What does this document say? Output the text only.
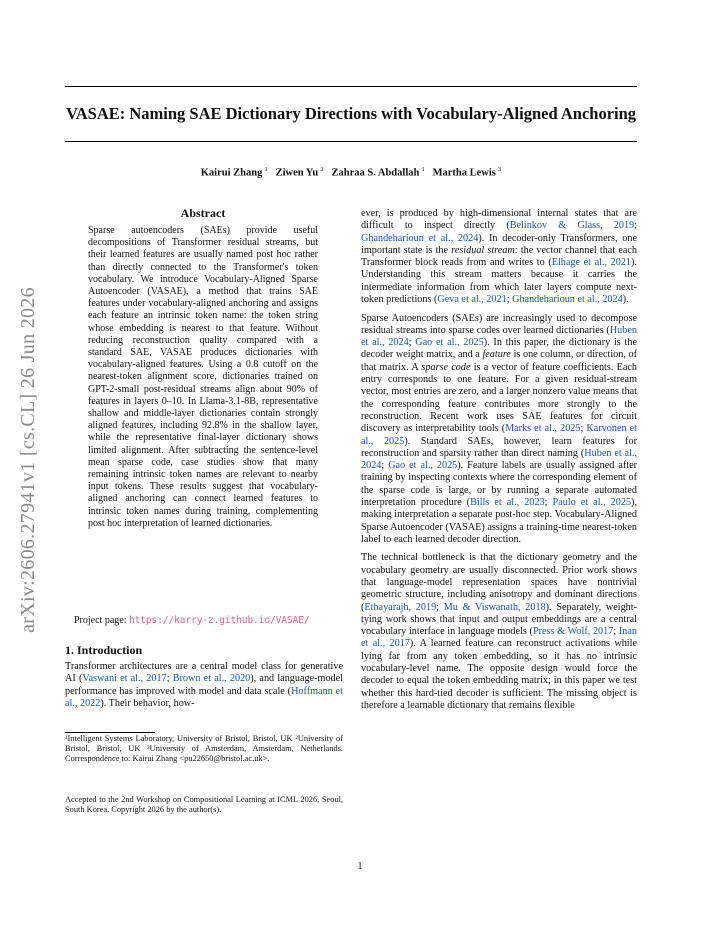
VASAE: Naming SAE Dictionary Directions with Vocabulary-Aligned Anchoring
Kairui Zhang  $^1$ Ziwen Yu  $^2$ Zahraa S. Abdallah  $^1$ Martha Lewis  $^3$
arXiv:2606.27941v1 [cs.CL] 26 Jun 2026
Abstract
Sparse autoencoders (SAEs) provide useful decompositions of Transformer residual streams, but their learned features are usually named post hoc rather than directly connected to the Transformer's token vocabulary. We introduce Vocabulary-Aligned Sparse Autoencoder (VASAE), a method that trains SAE features under vocabulary-aligned anchoring and assigns each feature an intrinsic token name: the token string whose embedding is nearest to that feature. Without reducing reconstruction quality compared with a standard SAE, VASAE produces dictionaries with vocabulary-aligned features. Using a 0.8 cutoff on the nearest-token alignment score, dictionaries trained on GPT-2-small post-residual streams align about 90% of features in layers 0–10. In Llama-3.1-8B, representative shallow and middle-layer dictionaries contain strongly aligned features, including 92.8% in the shallow layer, while the representative final-layer dictionary shows limited alignment. After subtracting the sentence-level mean sparse code, case studies show that many remaining intrinsic token names are relevant to nearby input tokens. These results suggest that vocabulary-aligned anchoring can connect learned features to intrinsic token names during training, complementing post hoc interpretation of learned dictionaries.
Project page: https://karry-z.github.io/VASAE/
1. Introduction
Transformer architectures are a central model class for generative AI (Vaswani et al., 2017; Brown et al., 2020), and language-model performance has improved with model and data scale (Hoffmann et al., 2022). Their behavior, how-
¹Intelligent Systems Laboratory, University of Bristol, Bristol, UK ²University of Bristol, Bristol, UK ³University of Amsterdam, Amsterdam, Netherlands. Correspondence to: Kairui Zhang <pu22650@bristol.ac.uk>.
Accepted to the 2nd Workshop on Compositional Learning at ICML 2026, Seoul, South Korea. Copyright 2026 by the author(s).

ever, is produced by high-dimensional internal states that are difficult to inspect directly (Belinkov & Glass, 2019; Ghandeharioun et al., 2024). In decoder-only Transformers, one important state is the residual stream: the vector channel that each Transformer block reads from and writes to (Elhage et al., 2021). Understanding this stream matters because it carries the intermediate information from which later layers compute next-token predictions (Geva et al., 2021; Ghandeharioun et al., 2024).

Sparse Autoencoders (SAEs) are increasingly used to decompose residual streams into sparse codes over learned dictionaries (Huben et al., 2024; Gao et al., 2025). In this paper, the dictionary is the decoder weight matrix, and a feature is one column, or direction, of that matrix. A sparse code is a vector of feature coefficients. Each entry corresponds to one feature. For a given residual-stream vector, most entries are zero, and a larger nonzero value means that the corresponding feature contributes more strongly to the reconstruction. Recent work uses SAE features for circuit discovery as interpretability tools (Marks et al., 2025; Karvonen et al., 2025). Standard SAEs, however, learn features for reconstruction and sparsity rather than direct naming (Huben et al., 2024; Gao et al., 2025). Feature labels are usually assigned after training by inspecting contexts where the corresponding element of the sparse code is large, or by running a separate automated interpretation procedure (Bills et al., 2023; Paulo et al., 2025), making interpretation a separate post-hoc step. Vocabulary-Aligned Sparse Autoencoder (VASAE) assigns a training-time nearest-token label to each learned decoder direction.

The technical bottleneck is that the dictionary geometry and the vocabulary geometry are usually disconnected. Prior work shows that language-model representation spaces have nontrivial geometric structure, including anisotropy and dominant directions (Ethayarajh, 2019; Mu & Viswanath, 2018). Separately, weight-tying work shows that input and output embeddings are a central vocabulary interface in language models (Press & Wolf, 2017; Inan et al., 2017). A learned feature can reconstruct activations while lying far from any token embedding, so it has no intrinsic vocabulary-level name. The opposite design would force the decoder to equal the token embedding matrix; in this paper we test whether this hard-tied decoder is sufficient. The missing object is therefore a learnable dictionary that remains flexible

1
